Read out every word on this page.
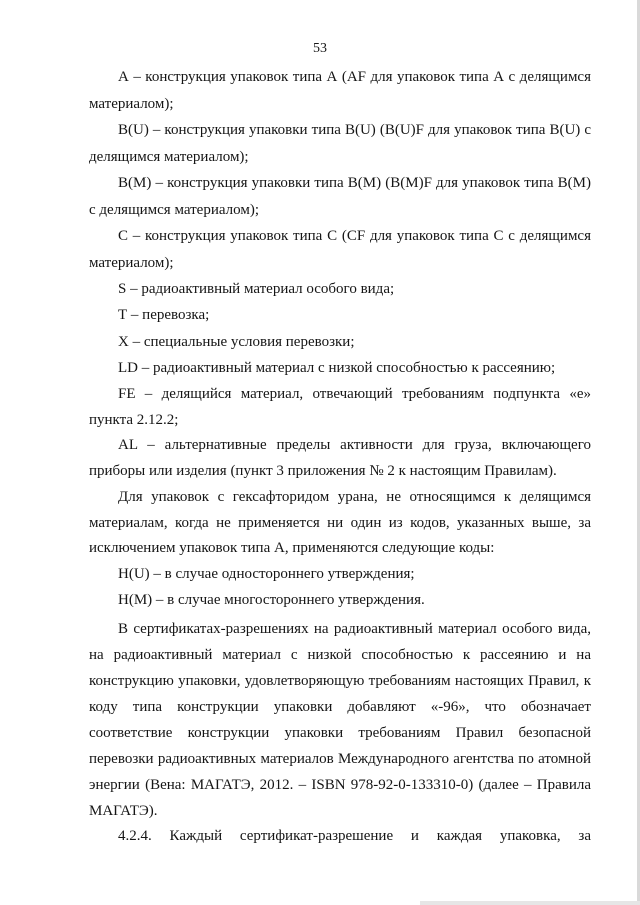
53
А – конструкция упаковок типа А (AF для упаковок типа А с делящимся
материалом);
В(U) – конструкция упаковки типа B(U) (B(U)F для упаковок типа B(U) с
делящимся материалом);
В(М) – конструкция упаковки типа B(M) (B(M)F для упаковок типа B(M)
с делящимся материалом);
С – конструкция упаковок типа C (CF для упаковок типа C с делящимся
материалом);
S – радиоактивный материал особого вида;
Т – перевозка;
Х – специальные условия перевозки;
LD – радиоактивный материал с низкой способностью к рассеянию;
FE – делящийся материал, отвечающий требованиям подпункта «е»
пункта 2.12.2;
AL – альтернативные пределы активности для груза, включающего
приборы или изделия (пункт 3 приложения № 2 к настоящим Правилам).
Для упаковок с гексафторидом урана, не относящимся к делящимся
материалам, когда не применяется ни один из кодов, указанных выше, за
исключением упаковок типа А, применяются следующие коды:
H(U) – в случае одностороннего утверждения;
Н(М) – в случае многостороннего утверждения.
В сертификатах-разрешениях на радиоактивный материал особого вида,
на радиоактивный материал с низкой способностью к рассеянию и на
конструкцию упаковки, удовлетворяющую требованиям настоящих Правил, к
коду типа конструкции упаковки добавляют «-96», что обозначает
соответствие конструкции упаковки требованиям Правил безопасной
перевозки радиоактивных материалов Международного агентства по атомной
энергии (Вена: МАГАТЭ, 2012. – ISBN 978-92-0-133310-0) (далее – Правила
МАГАТЭ).
4.2.4. Каждый сертификат-разрешение и каждая упаковка, за
